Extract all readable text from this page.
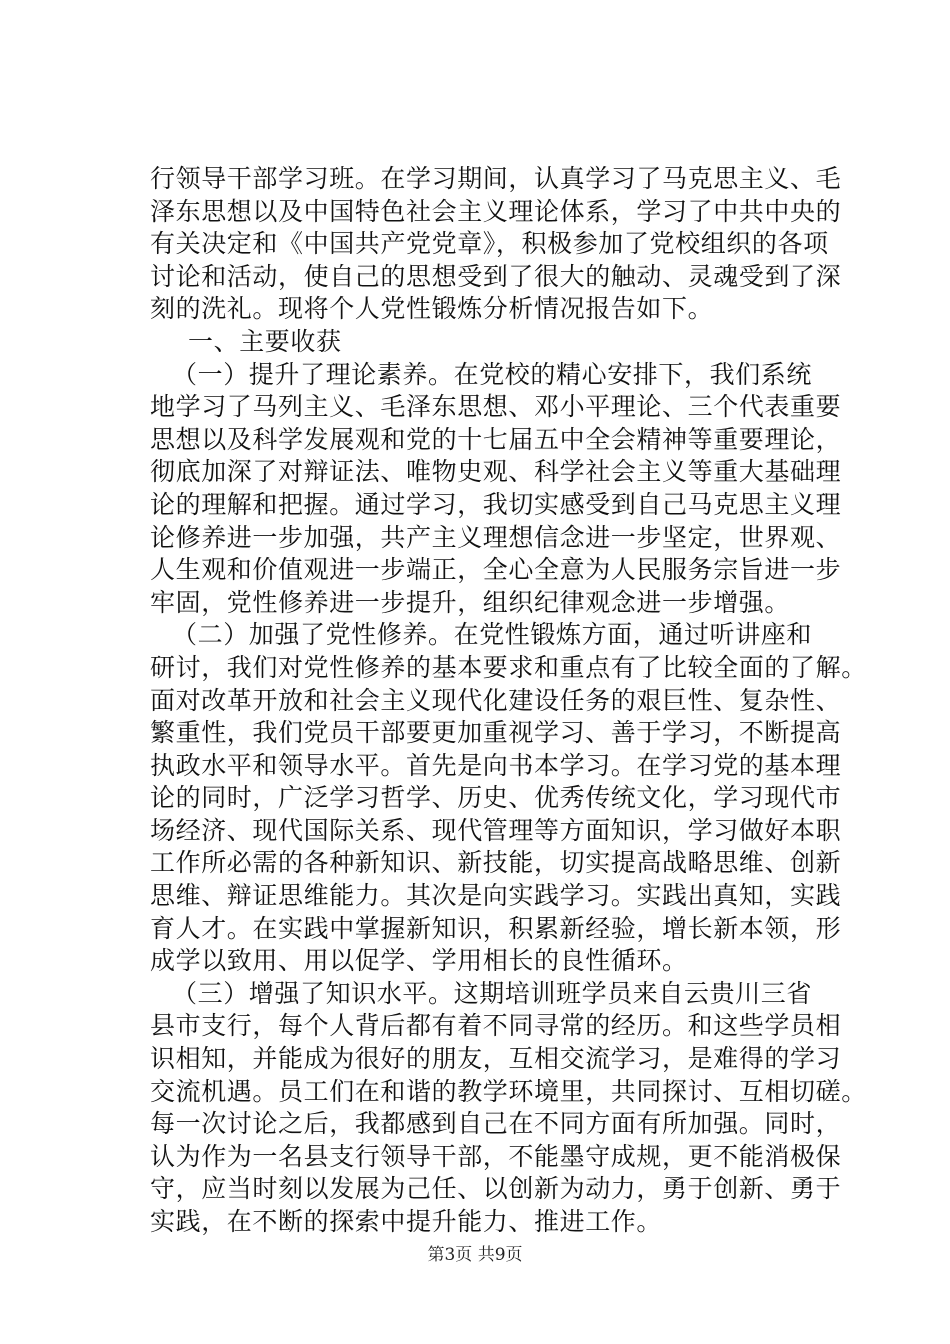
行领导干部学习班。在学习期间，认真学习了马克思主义、毛
泽东思想以及中国特色社会主义理论体系，学习了中共中央的
有关决定和《中国共产党党章》，积极参加了党校组织的各项
讨论和活动，使自己的思想受到了很大的触动、灵魂受到了深
刻的洗礼。现将个人党性锻炼分析情况报告如下。
一、主要收获
（一）提升了理论素养。在党校的精心安排下，我们系统
地学习了马列主义、毛泽东思想、邓小平理论、三个代表重要
思想以及科学发展观和党的十七届五中全会精神等重要理论，
彻底加深了对辩证法、唯物史观、科学社会主义等重大基础理
论的理解和把握。通过学习，我切实感受到自己马克思主义理
论修养进一步加强，共产主义理想信念进一步坚定，世界观、
人生观和价值观进一步端正，全心全意为人民服务宗旨进一步
牢固，党性修养进一步提升，组织纪律观念进一步增强。
（二）加强了党性修养。在党性锻炼方面，通过听讲座和
研讨，我们对党性修养的基本要求和重点有了比较全面的了解。
面对改革开放和社会主义现代化建设任务的艰巨性、复杂性、
繁重性，我们党员干部要更加重视学习、善于学习，不断提高
执政水平和领导水平。首先是向书本学习。在学习党的基本理
论的同时，广泛学习哲学、历史、优秀传统文化，学习现代市
场经济、现代国际关系、现代管理等方面知识，学习做好本职
工作所必需的各种新知识、新技能，切实提高战略思维、创新
思维、辩证思维能力。其次是向实践学习。实践出真知，实践
育人才。在实践中掌握新知识，积累新经验，增长新本领，形
成学以致用、用以促学、学用相长的良性循环。
（三）增强了知识水平。这期培训班学员来自云贵川三省
县市支行，每个人背后都有着不同寻常的经历。和这些学员相
识相知，并能成为很好的朋友，互相交流学习，是难得的学习
交流机遇。员工们在和谐的教学环境里，共同探讨、互相切磋。
每一次讨论之后，我都感到自己在不同方面有所加强。同时，
认为作为一名县支行领导干部，不能墨守成规，更不能消极保
守，应当时刻以发展为己任、以创新为动力，勇于创新、勇于
实践，在不断的探索中提升能力、推进工作。
第3页 共9页
